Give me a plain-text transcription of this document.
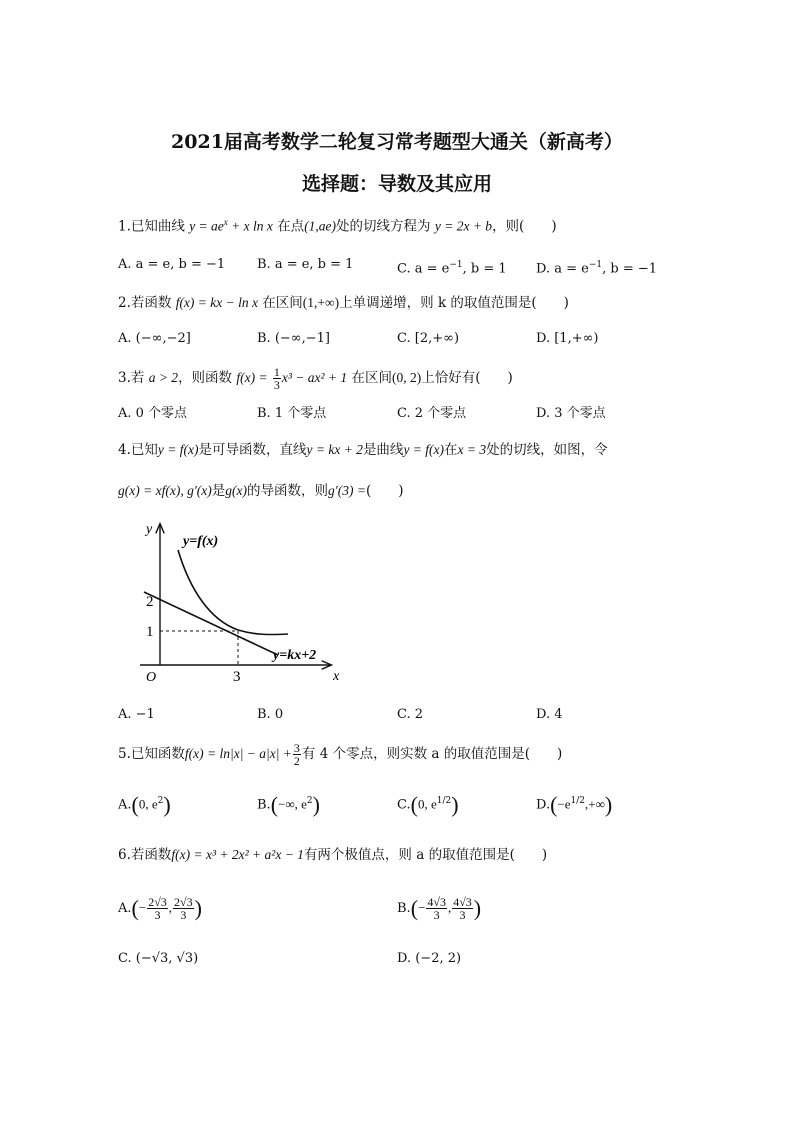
2021届高考数学二轮复习常考题型大通关（新高考）
选择题：导数及其应用
1.已知曲线 $y = ae^x + x$ ln x 在点(1,ae)处的切线方程为 y = 2x + b，则(　　)
A. a = e, b = −1 B. a = e, b = 1	C. $a = e^{-1}$, b = 1 D. $a = e^{-1}$, b = −1
2.若函数 f(x) = kx − ln x 在区间(1,+∞)上单调递增，则 k 的取值范围是(　　)
A. (−∞,−2]	B. (−∞,−1]	C. [2,+∞)	D. [1,+∞)
3.若 a > 2，则函数 $f(x) = \frac{1}{3} x^3 - ax^2 + 1$ 在区间(0, 2)上恰好有(　　)
A. 0 个零点	B. 1 个零点	C. 2 个零点	D. 3 个零点
4.已知y = f(x)是可导函数，直线y = kx + 2是曲线y = f(x)在x = 3处的切线，如图，令
g(x) = xf(x), g′(x)是g(x)的导函数，则g′(3) =(　　)
y
x
O
2
1
3
y=f(x)
y=kx+2
A. −1	B. 0	C. 2	D. 4
5.已知函数$f(x) = \ln|x| - a|x| + \frac{3}{2}$ 有 4 个零点，则实数 a 的取值范围是(　　)
A.(0, $e^2$)	B.(−∞, $e^2$)	C.(0, $e^{1/2}$)	$D.(-e^{1/2},+\infty)$
6.若函数f(x) = x³ + 2x² + a²x − 1有两个极值点，则 a 的取值范围是(　　)
$A.(- \frac{2√3}{3}$ , $\frac{2√3}{3}$ )	$B.(- \frac{4√3}{3}$ , $\frac{4√3}{3}$ )
C. (−√3, √3)	D. (−2, 2)
